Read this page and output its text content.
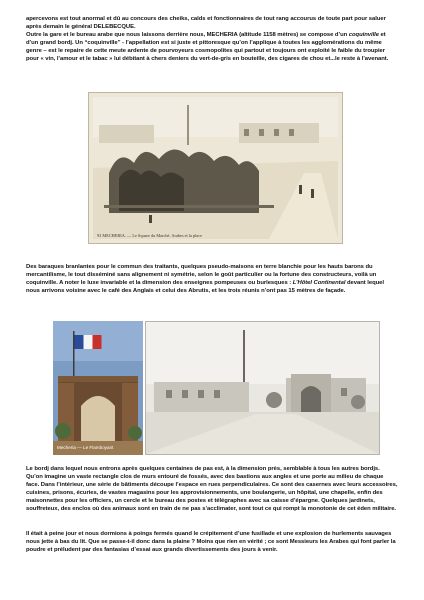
apercevons est tout anormal et dû au concours des cheiks, caïds et fonctionnaires de tout rang accourus de toute part pour saluer après demain le général DELEBECQUE.
Outre la gare et le bureau arabe que nous laissons derrière nous, MECHERIA (altitude 1158 mètres) se compose d’un coquinville et d’un grand bordj. Un “coquinville” - l’appellation est si juste et pittoresque qu’on l’applique à toutes les agglomérations du même genre – est le repaire de cette meute ardente de pourvoyeurs cosmopolites qui partout et toujours ont exploité le faible du troupier pour « vin, l’amour et le tabac » lui débitant à chers deniers du vert-de-gris en bouteille, des cigares de chou et...le reste à l’avenant.
93 MECHERIA. — Le Square du Marché. Arabes et la place
Des baraques branlantes pour le commun des traitants, quelques pseudo-maisons en terre blanchie pour les hauts barons du mercantilisme, le tout disséminé sans alignement ni symétrie, selon le goût particulier ou la fortune des constructeurs, voilà un coquinville. A noter le luxe invariable et la dimension des enseignes pompeuses ou burlesques : L’Hôtel Continental devant lequel nous arrivons voisine avec le café des Anglais et celui des Abrutis, et les trois réunis n’ont pas 15 mètres de façade.
Mecheria — Le Flamboyant
Le bordj dans lequel nous entrons après quelques centaines de pas est, à la dimension près, semblable à tous les autres bordjs. Qu’on imagine un vaste rectangle clos de murs entouré de fossés, avec des bastions aux angles et une porte au milieu de chaque face. Dans l’intérieur, une série de bâtiments découpe l’espace en rues perpendiculaires. Ce sont des casernes avec leurs accessoires, cuisines, prisons, écuries, de vastes magasins pour les approvisionnements, une boulangerie, un hôpital, une chapelle, enfin des maisonnettes pour les officiers, un cercle et le bureau des postes et télégraphes avec sa caisse d’épargne. Quelques jardinets, souffreteux, des enclos où des animaux sont en train de ne pas s’acclimater, sont tout ce qui rompt la monotonie de cet éden militaire.
Il était à peine jour et nous dormions à poings fermés quand le crépitement d’une fusillade et une explosion de hurlements sauvages nous jette à bas du lit. Que se passe-t-il donc dans la plaine ? Moins que rien en vérité ; ce sont Messieurs les Arabes qui font parler la poudre et préludent par des fantasias d’essai aux grands divertissements des jours à venir.
